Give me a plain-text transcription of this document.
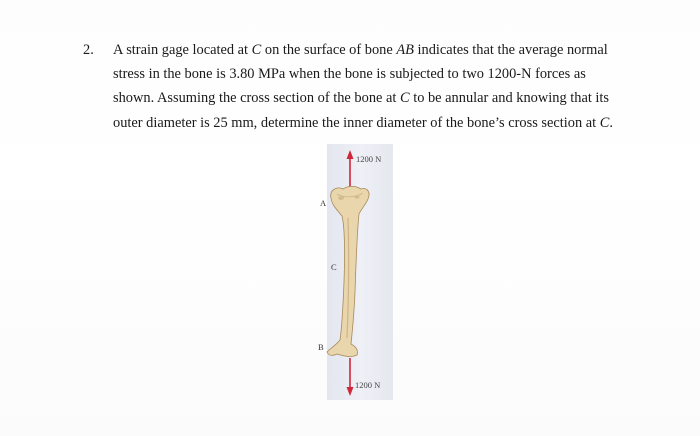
2. A strain gage located at C on the surface of bone AB indicates that the average normal stress in the bone is 3.80 MPa when the bone is subjected to two 1200-N forces as shown. Assuming the cross section of the bone at C to be annular and knowing that its outer diameter is 25 mm, determine the inner diameter of the bone’s cross section at C.
1200 N
1200 N
A
C
B
